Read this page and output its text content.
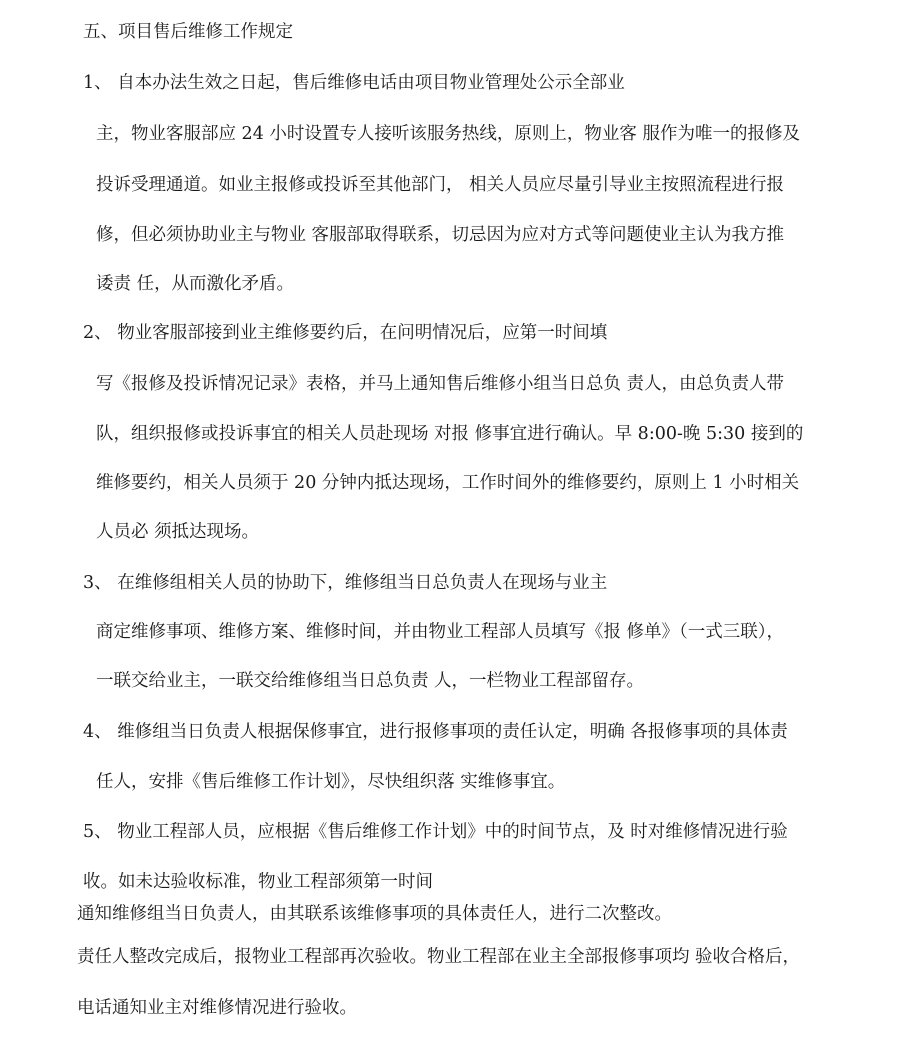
五、项目售后维修工作规定
1、 自本办法生效之日起，售后维修电话由项目物业管理处公示全部业
主，物业客服部应 24 小时设置专人接听该服务热线，原则上，物业客 服作为唯一的报修及
投诉受理通道。如业主报修或投诉至其他部门， 相关人员应尽量引导业主按照流程进行报
修，但必须协助业主与物业 客服部取得联系，切忌因为应对方式等问题使业主认为我方推
诿责 任，从而激化矛盾。
2、 物业客服部接到业主维修要约后，在问明情况后，应第一时间填
写《报修及投诉情况记录》表格，并马上通知售后维修小组当日总负 责人，由总负责人带
队，组织报修或投诉事宜的相关人员赴现场 对报 修事宜进行确认。早 8:00-晚 5:30 接到的
维修要约，相关人员须于 20 分钟内抵达现场，工作时间外的维修要约，原则上 1 小时相关
人员必 须抵达现场。
3、 在维修组相关人员的协助下，维修组当日总负责人在现场与业主
商定维修事项、维修方案、维修时间，并由物业工程部人员填写《报 修单》（一式三联），
一联交给业主，一联交给维修组当日总负责 人，一栏物业工程部留存。
4、 维修组当日负责人根据保修事宜，进行报修事项的责任认定，明确 各报修事项的具体责
任人，安排《售后维修工作计划》，尽快组织落 实维修事宜。
5、 物业工程部人员，应根据《售后维修工作计划》中的时间节点，及 时对维修情况进行验
收。如未达验收标准，物业工程部须第一时间
通知维修组当日负责人，由其联系该维修事项的具体责任人，进行二次整改。
责任人整改完成后，报物业工程部再次验收。物业工程部在业主全部报修事项均 验收合格后，
电话通知业主对维修情况进行验收。
